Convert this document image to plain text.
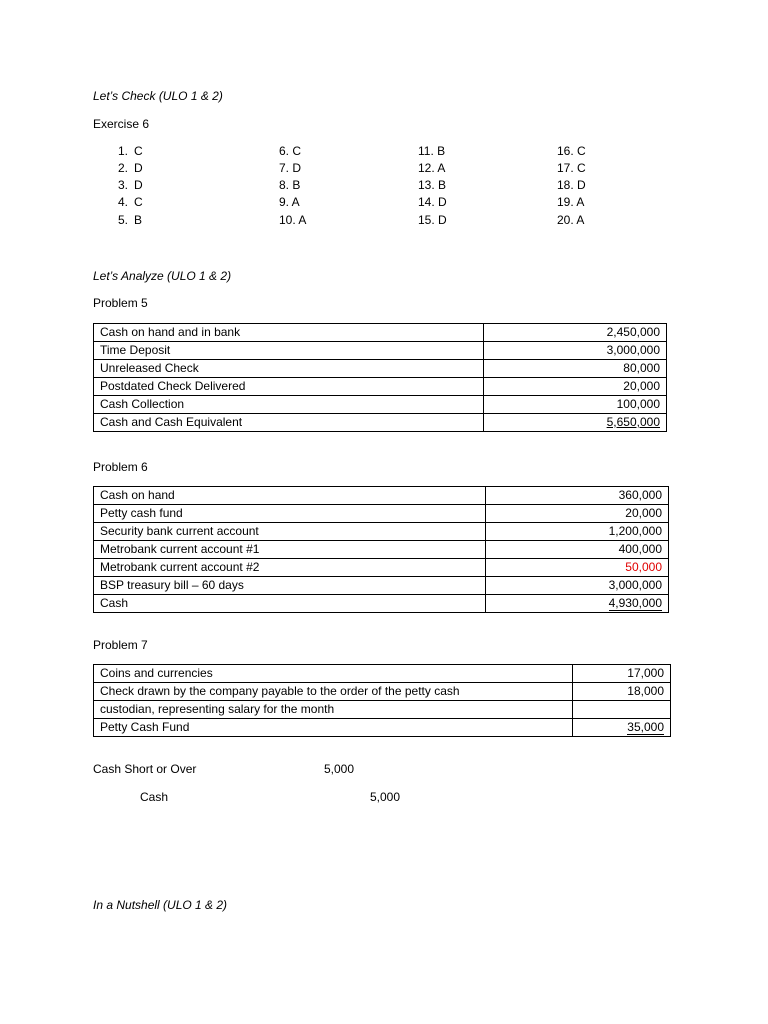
Let’s Check (ULO 1 & 2)
Exercise 6
1. C
2. D
3. D
4. C
5. B
6. C
7. D
8. B
9. A
10. A
11. B
12. A
13. B
14. D
15. D
16. C
17. C
18. D
19. A
20. A
Let’s Analyze (ULO 1 & 2)
Problem 5
Cash on hand and in bank	2,450,000
Time Deposit	3,000,000
Unreleased Check	80,000
Postdated Check Delivered	20,000
Cash Collection	100,000
Cash and Cash Equivalent	5,650,000
Problem 6
Cash on hand	360,000
Petty cash fund	20,000
Security bank current account	1,200,000
Metrobank current account #1	400,000
Metrobank current account #2	50,000
BSP treasury bill – 60 days	3,000,000
Cash	4,930,000
Problem 7
Coins and currencies	17,000
Check drawn by the company payable to the order of the petty cash	18,000
custodian, representing salary for the month	
Petty Cash Fund	35,000
Cash Short or Over	5,000
Cash	5,000
In a Nutshell (ULO 1 & 2)
